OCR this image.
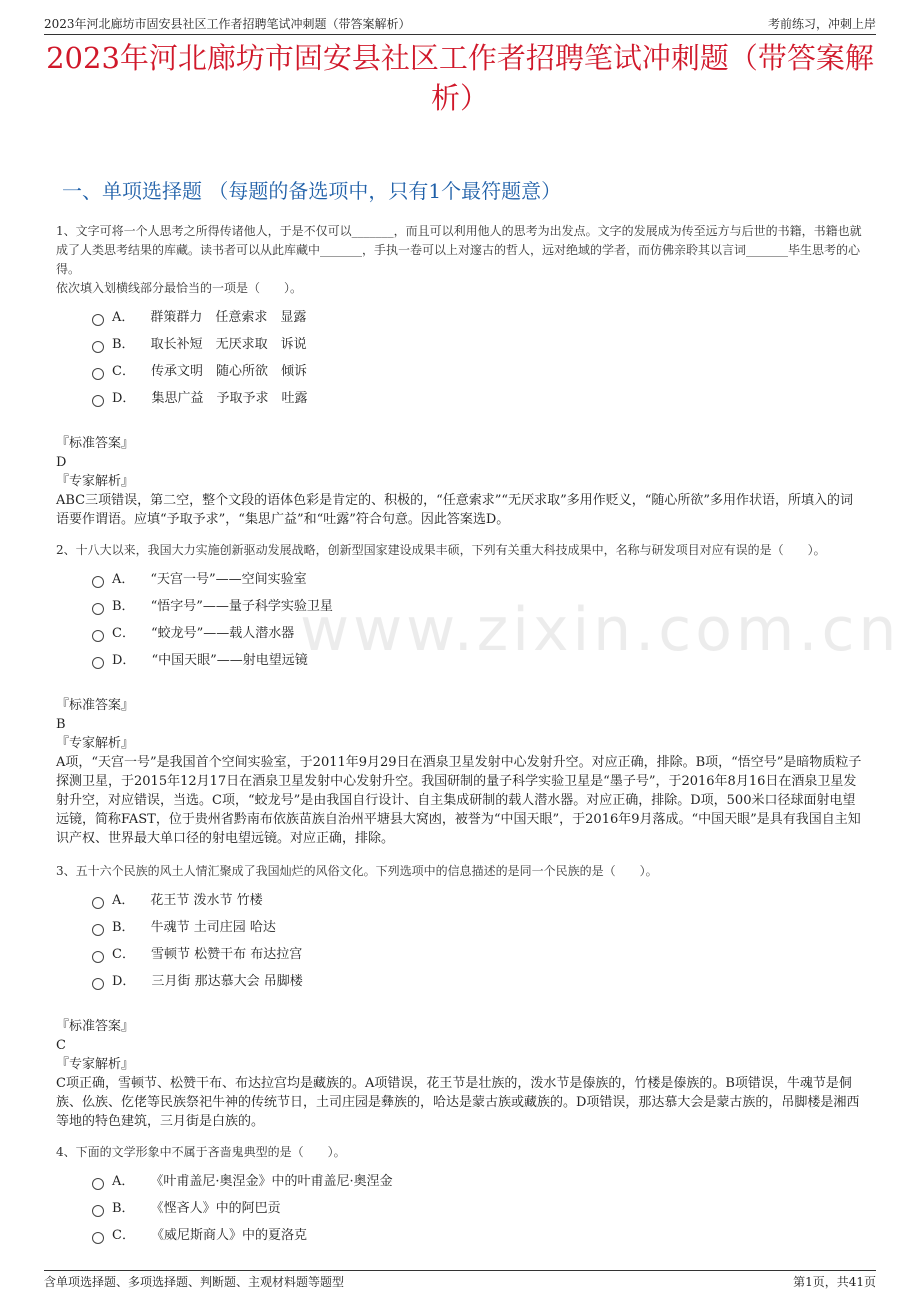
2023年河北廊坊市固安县社区工作者招聘笔试冲刺题（带答案解析）	考前练习，冲刺上岸
2023年河北廊坊市固安县社区工作者招聘笔试冲刺题（带答案解析）
一、单项选择题 （每题的备选项中，只有1个最符题意）
www.zixin.com.cn

1、文字可将一个人思考之所得传诸他人，于是不仅可以_______，而且可以利用他人的思考为出发点。文字的发展成为传至远方与后世的书籍，书籍也就成了人类思考结果的库藏。读书者可以从此库藏中_______，手执一卷可以上对邃古的哲人，远对绝域的学者，而仿佛亲聆其以言词_______毕生思考的心得。

依次填入划横线部分最恰当的一项是（　　）。

A． 群策群力　任意索求　显露
B． 取长补短　无厌求取　诉说
C． 传承文明　随心所欲　倾诉
D． 集思广益　予取予求　吐露

『标准答案』

D

『专家解析』

ABC三项错误，第二空，整个文段的语体色彩是肯定的、积极的，“任意索求”“无厌求取”多用作贬义，“随心所欲”多用作状语，所填入的词语要作谓语。应填“予取予求”，“集思广益”和“吐露”符合句意。因此答案选D。

2、十八大以来，我国大力实施创新驱动发展战略，创新型国家建设成果丰硕，下列有关重大科技成果中，名称与研发项目对应有误的是（　　）。

A． “天宫一号”——空间实验室
B． “悟字号”——量子科学实验卫星
C． “蛟龙号”——载人潜水器
D． “中国天眼”——射电望远镜

『标准答案』

B

『专家解析』

A项，“天宫一号”是我国首个空间实验室，于2011年9月29日在酒泉卫星发射中心发射升空。对应正确，排除。B项，“悟空号”是暗物质粒子探测卫星，于2015年12月17日在酒泉卫星发射中心发射升空。我国研制的量子科学实验卫星是“墨子号”，于2016年8月16日在酒泉卫星发射升空，对应错误，当选。C项，“蛟龙号”是由我国自行设计、自主集成研制的载人潜水器。对应正确，排除。D项，500米口径球面射电望远镜，简称FAST，位于贵州省黔南布依族苗族自治州平塘县大窝凼，被誉为“中国天眼”，于2016年9月落成。“中国天眼”是具有我国自主知识产权、世界最大单口径的射电望远镜。对应正确，排除。

3、五十六个民族的风土人情汇聚成了我国灿烂的风俗文化。下列选项中的信息描述的是同一个民族的是（　　）。

A． 花王节 泼水节 竹楼
B． 牛魂节 土司庄园 哈达
C． 雪顿节 松赞干布 布达拉宫
D． 三月街 那达慕大会 吊脚楼

『标准答案』

C

『专家解析』

C项正确，雪顿节、松赞干布、布达拉宫均是藏族的。A项错误，花王节是壮族的，泼水节是傣族的，竹楼是傣族的。B项错误，牛魂节是侗族、仫族、仡佬等民族祭祀牛神的传统节日，土司庄园是彝族的，哈达是蒙古族或藏族的。D项错误，那达慕大会是蒙古族的，吊脚楼是湘西等地的特色建筑，三月街是白族的。

4、下面的文学形象中不属于吝啬鬼典型的是（　　）。

A． 《叶甫盖尼·奥涅金》中的叶甫盖尼·奥涅金
B． 《悭吝人》中的阿巴贡
C． 《威尼斯商人》中的夏洛克
含单项选择题、多项选择题、判断题、主观材料题等题型	第1页，共41页
